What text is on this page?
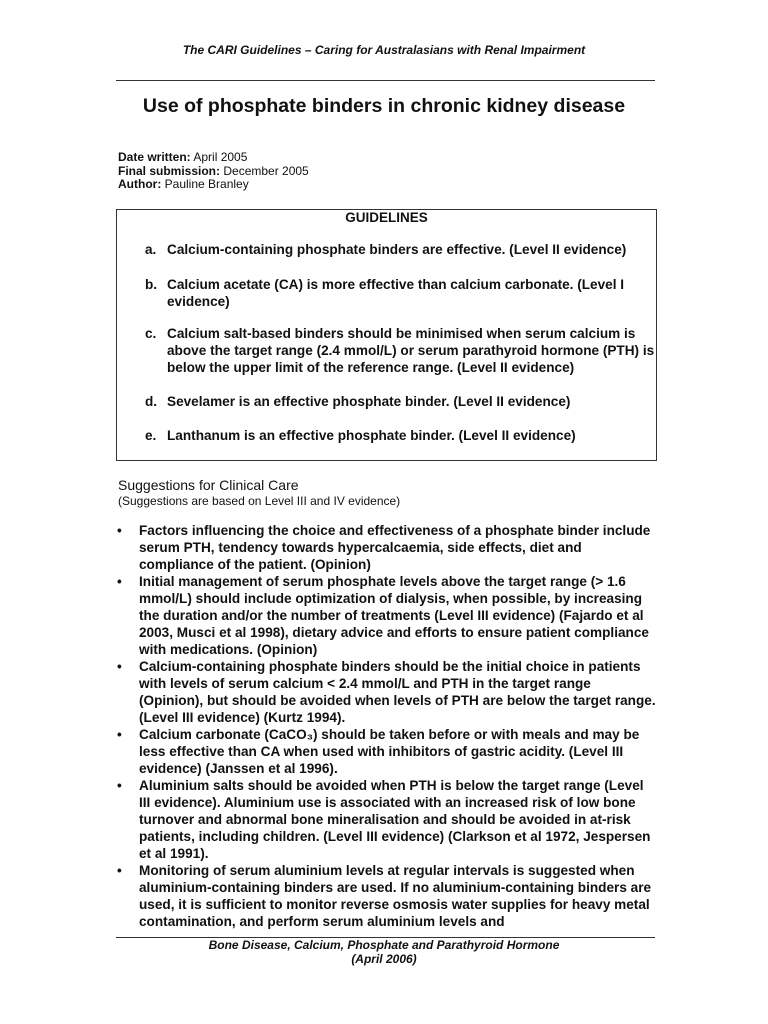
The CARI Guidelines – Caring for Australasians with Renal Impairment
Use of phosphate binders in chronic kidney disease
Date written: April 2005
Final submission: December 2005
Author: Pauline Branley
GUIDELINES
a. Calcium-containing phosphate binders are effective. (Level II evidence)
b. Calcium acetate (CA) is more effective than calcium carbonate. (Level I evidence)
c. Calcium salt-based binders should be minimised when serum calcium is above the target range (2.4 mmol/L) or serum parathyroid hormone (PTH) is below the upper limit of the reference range. (Level II evidence)
d. Sevelamer is an effective phosphate binder. (Level II evidence)
e. Lanthanum is an effective phosphate binder. (Level II evidence)
Suggestions for Clinical Care
(Suggestions are based on Level III and IV evidence)
• Factors influencing the choice and effectiveness of a phosphate binder include serum PTH, tendency towards hypercalcaemia, side effects, diet and compliance of the patient. (Opinion)
• Initial management of serum phosphate levels above the target range (> 1.6 mmol/L) should include optimization of dialysis, when possible, by increasing the duration and/or the number of treatments (Level III evidence) (Fajardo et al 2003, Musci et al 1998), dietary advice and efforts to ensure patient compliance with medications. (Opinion)
• Calcium-containing phosphate binders should be the initial choice in patients with levels of serum calcium < 2.4 mmol/L and PTH in the target range (Opinion), but should be avoided when levels of PTH are below the target range. (Level III evidence) (Kurtz 1994).
• Calcium carbonate (CaCO₃) should be taken before or with meals and may be less effective than CA when used with inhibitors of gastric acidity. (Level III evidence) (Janssen et al 1996).
• Aluminium salts should be avoided when PTH is below the target range (Level III evidence). Aluminium use is associated with an increased risk of low bone turnover and abnormal bone mineralisation and should be avoided in at-risk patients, including children. (Level III evidence) (Clarkson et al 1972, Jespersen et al 1991).
• Monitoring of serum aluminium levels at regular intervals is suggested when aluminium-containing binders are used. If no aluminium-containing binders are used, it is sufficient to monitor reverse osmosis water supplies for heavy metal contamination, and perform serum aluminium levels and
Bone Disease, Calcium, Phosphate and Parathyroid Hormone
(April 2006)
